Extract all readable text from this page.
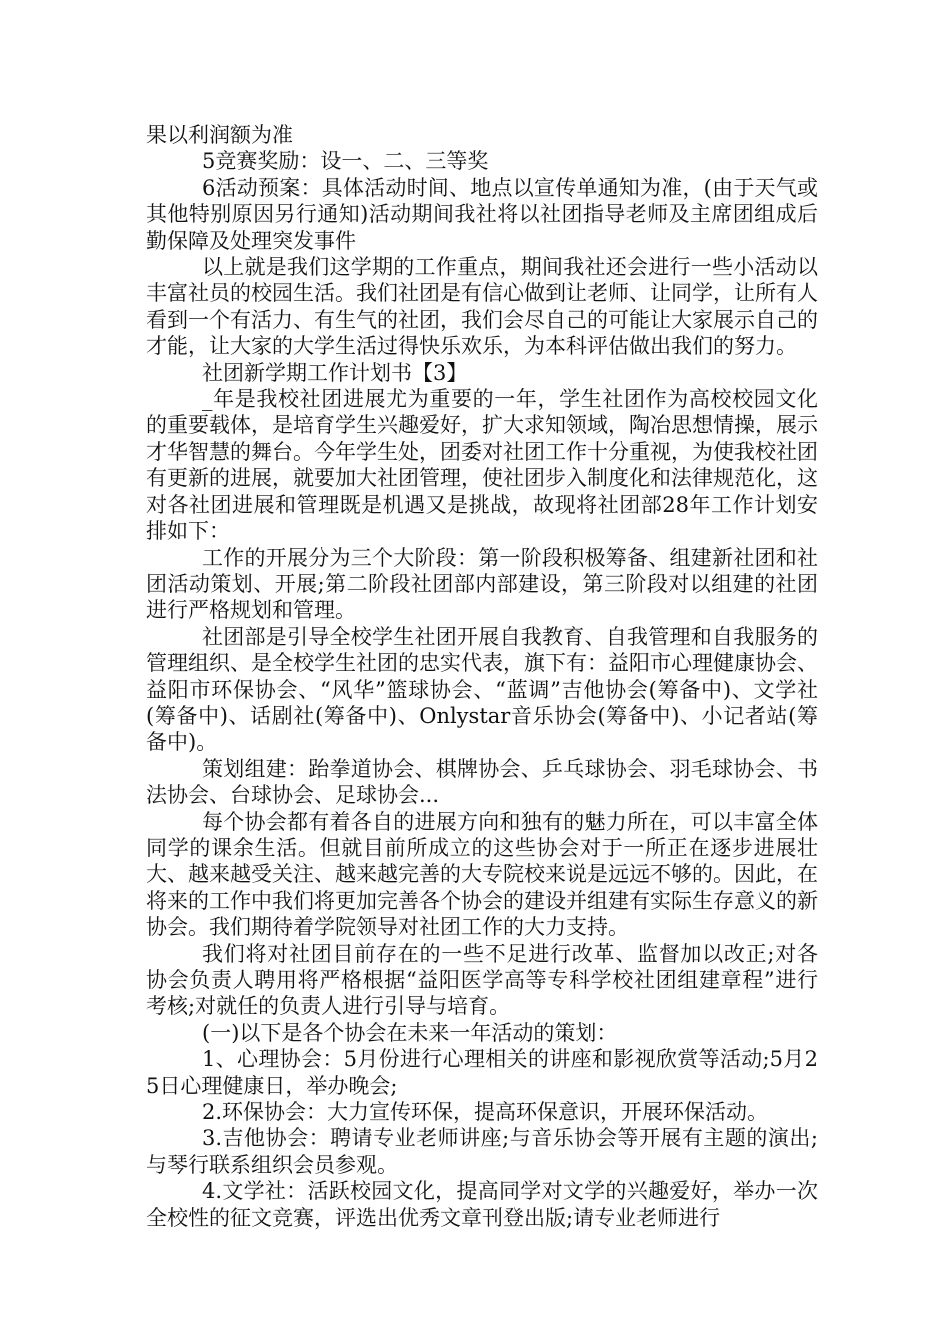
果以利润额为准

5竞赛奖励：设一、二、三等奖

6活动预案：具体活动时间、地点以宣传单通知为准，(由于天气或其他特别原因另行通知)活动期间我社将以社团指导老师及主席团组成后勤保障及处理突发事件

以上就是我们这学期的工作重点，期间我社还会进行一些小活动以丰富社员的校园生活。我们社团是有信心做到让老师、让同学，让所有人看到一个有活力、有生气的社团，我们会尽自己的可能让大家展示自己的才能，让大家的大学生活过得快乐欢乐，为本科评估做出我们的努力。

社团新学期工作计划书【3】

_年是我校社团进展尤为重要的一年，学生社团作为高校校园文化的重要载体，是培育学生兴趣爱好，扩大求知领域，陶冶思想情操，展示才华智慧的舞台。今年学生处，团委对社团工作十分重视，为使我校社团有更新的进展，就要加大社团管理，使社团步入制度化和法律规范化，这对各社团进展和管理既是机遇又是挑战，故现将社团部28年工作计划安排如下：

工作的开展分为三个大阶段：第一阶段积极筹备、组建新社团和社团活动策划、开展;第二阶段社团部内部建设，第三阶段对以组建的社团进行严格规划和管理。

社团部是引导全校学生社团开展自我教育、自我管理和自我服务的管理组织、是全校学生社团的忠实代表，旗下有：益阳市心理健康协会、益阳市环保协会、“风华”篮球协会、“蓝调”吉他协会(筹备中)、文学社(筹备中)、话剧社(筹备中)、Onlystar音乐协会(筹备中)、小记者站(筹备中)。

策划组建：跆拳道协会、棋牌协会、乒乓球协会、羽毛球协会、书法协会、台球协会、足球协会...

每个协会都有着各自的进展方向和独有的魅力所在，可以丰富全体同学的课余生活。但就目前所成立的这些协会对于一所正在逐步进展壮大、越来越受关注、越来越完善的大专院校来说是远远不够的。因此，在将来的工作中我们将更加完善各个协会的建设并组建有实际生存意义的新协会。我们期待着学院领导对社团工作的大力支持。

我们将对社团目前存在的一些不足进行改革、监督加以改正;对各协会负责人聘用将严格根据“益阳医学高等专科学校社团组建章程”进行考核;对就任的负责人进行引导与培育。

(一)以下是各个协会在未来一年活动的策划：

1、心理协会：5月份进行心理相关的讲座和影视欣赏等活动;5月25日心理健康日，举办晚会;

2.环保协会：大力宣传环保，提高环保意识，开展环保活动。

3.吉他协会：聘请专业老师讲座;与音乐协会等开展有主题的演出;与琴行联系组织会员参观。

4.文学社：活跃校园文化，提高同学对文学的兴趣爱好，举办一次全校性的征文竞赛，评选出优秀文章刊登出版;请专业老师进行
